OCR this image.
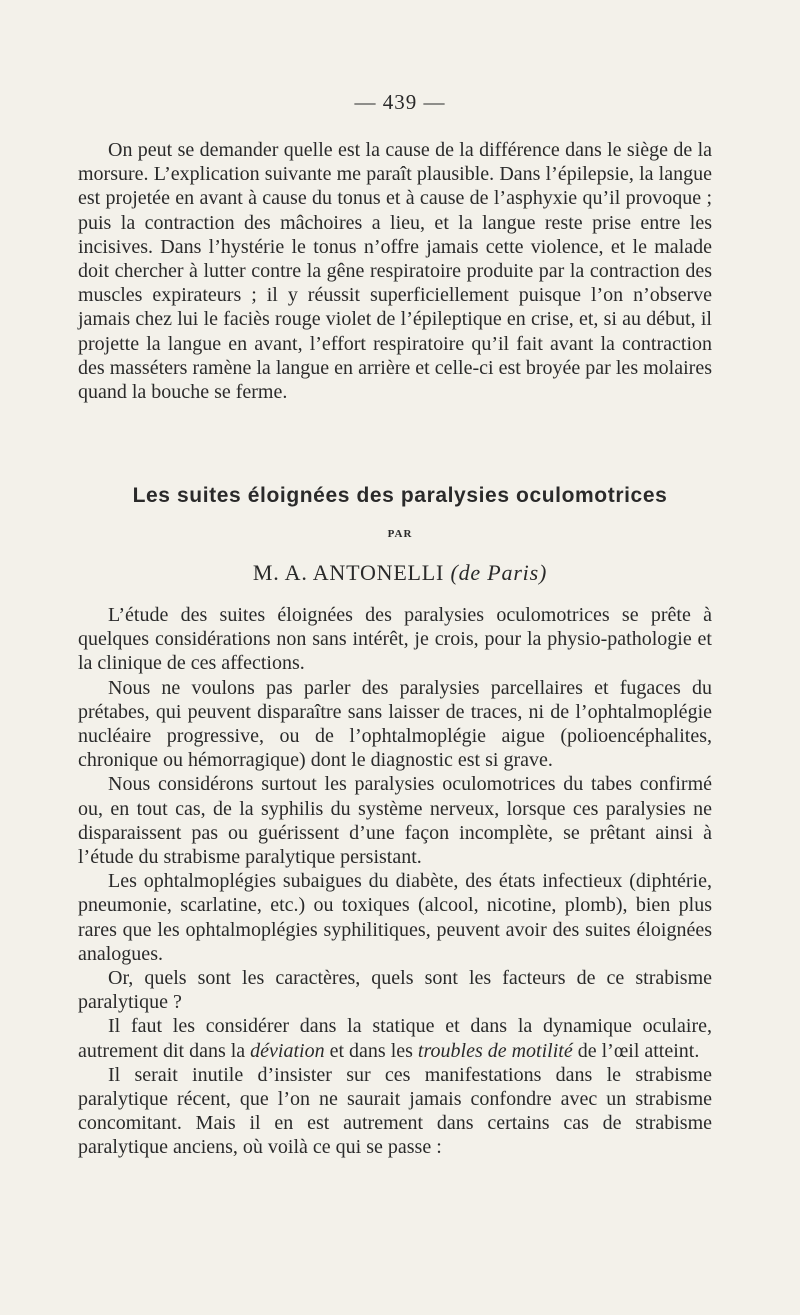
— 439 —

On peut se demander quelle est la cause de la différence dans le siège de la morsure. L’explication suivante me paraît plausible. Dans l’épilepsie, la langue est projetée en avant à cause du tonus et à cause de l’asphyxie qu’il provoque ; puis la contraction des mâchoires a lieu, et la langue reste prise entre les incisives. Dans l’hystérie le tonus n’offre jamais cette violence, et le malade doit chercher à lutter contre la gêne respiratoire produite par la contraction des muscles expirateurs ; il y réussit superficiellement puisque l’on n’observe jamais chez lui le faciès rouge violet de l’épileptique en crise, et, si au début, il projette la langue en avant, l’effort respiratoire qu’il fait avant la contraction des masséters ramène la langue en arrière et celle-ci est broyée par les molaires quand la bouche se ferme.

Les suites éloignées des paralysies oculomotrices
PAR
M. A. ANTONELLI (de Paris)

L’étude des suites éloignées des paralysies oculomotrices se prête à quelques considérations non sans intérêt, je crois, pour la physio-pathologie et la clinique de ces affections.

Nous ne voulons pas parler des paralysies parcellaires et fugaces du prétabes, qui peuvent disparaître sans laisser de traces, ni de l’ophtalmoplégie nucléaire progressive, ou de l’ophtalmoplégie aigue (polioencéphalites, chronique ou hémorragique) dont le diagnostic est si grave.

Nous considérons surtout les paralysies oculomotrices du tabes confirmé ou, en tout cas, de la syphilis du système nerveux, lorsque ces paralysies ne disparaissent pas ou guérissent d’une façon incomplète, se prêtant ainsi à l’étude du strabisme paralytique persistant.

Les ophtalmoplégies subaigues du diabète, des états infectieux (diphtérie, pneumonie, scarlatine, etc.) ou toxiques (alcool, nicotine, plomb), bien plus rares que les ophtalmoplégies syphilitiques, peuvent avoir des suites éloignées analogues.

Or, quels sont les caractères, quels sont les facteurs de ce strabisme paralytique ?

Il faut les considérer dans la statique et dans la dynamique oculaire, autrement dit dans la déviation et dans les troubles de motilité de l’œil atteint.

Il serait inutile d’insister sur ces manifestations dans le strabisme paralytique récent, que l’on ne saurait jamais confondre avec un strabisme concomitant. Mais il en est autrement dans certains cas de strabisme paralytique anciens, où voilà ce qui se passe :
